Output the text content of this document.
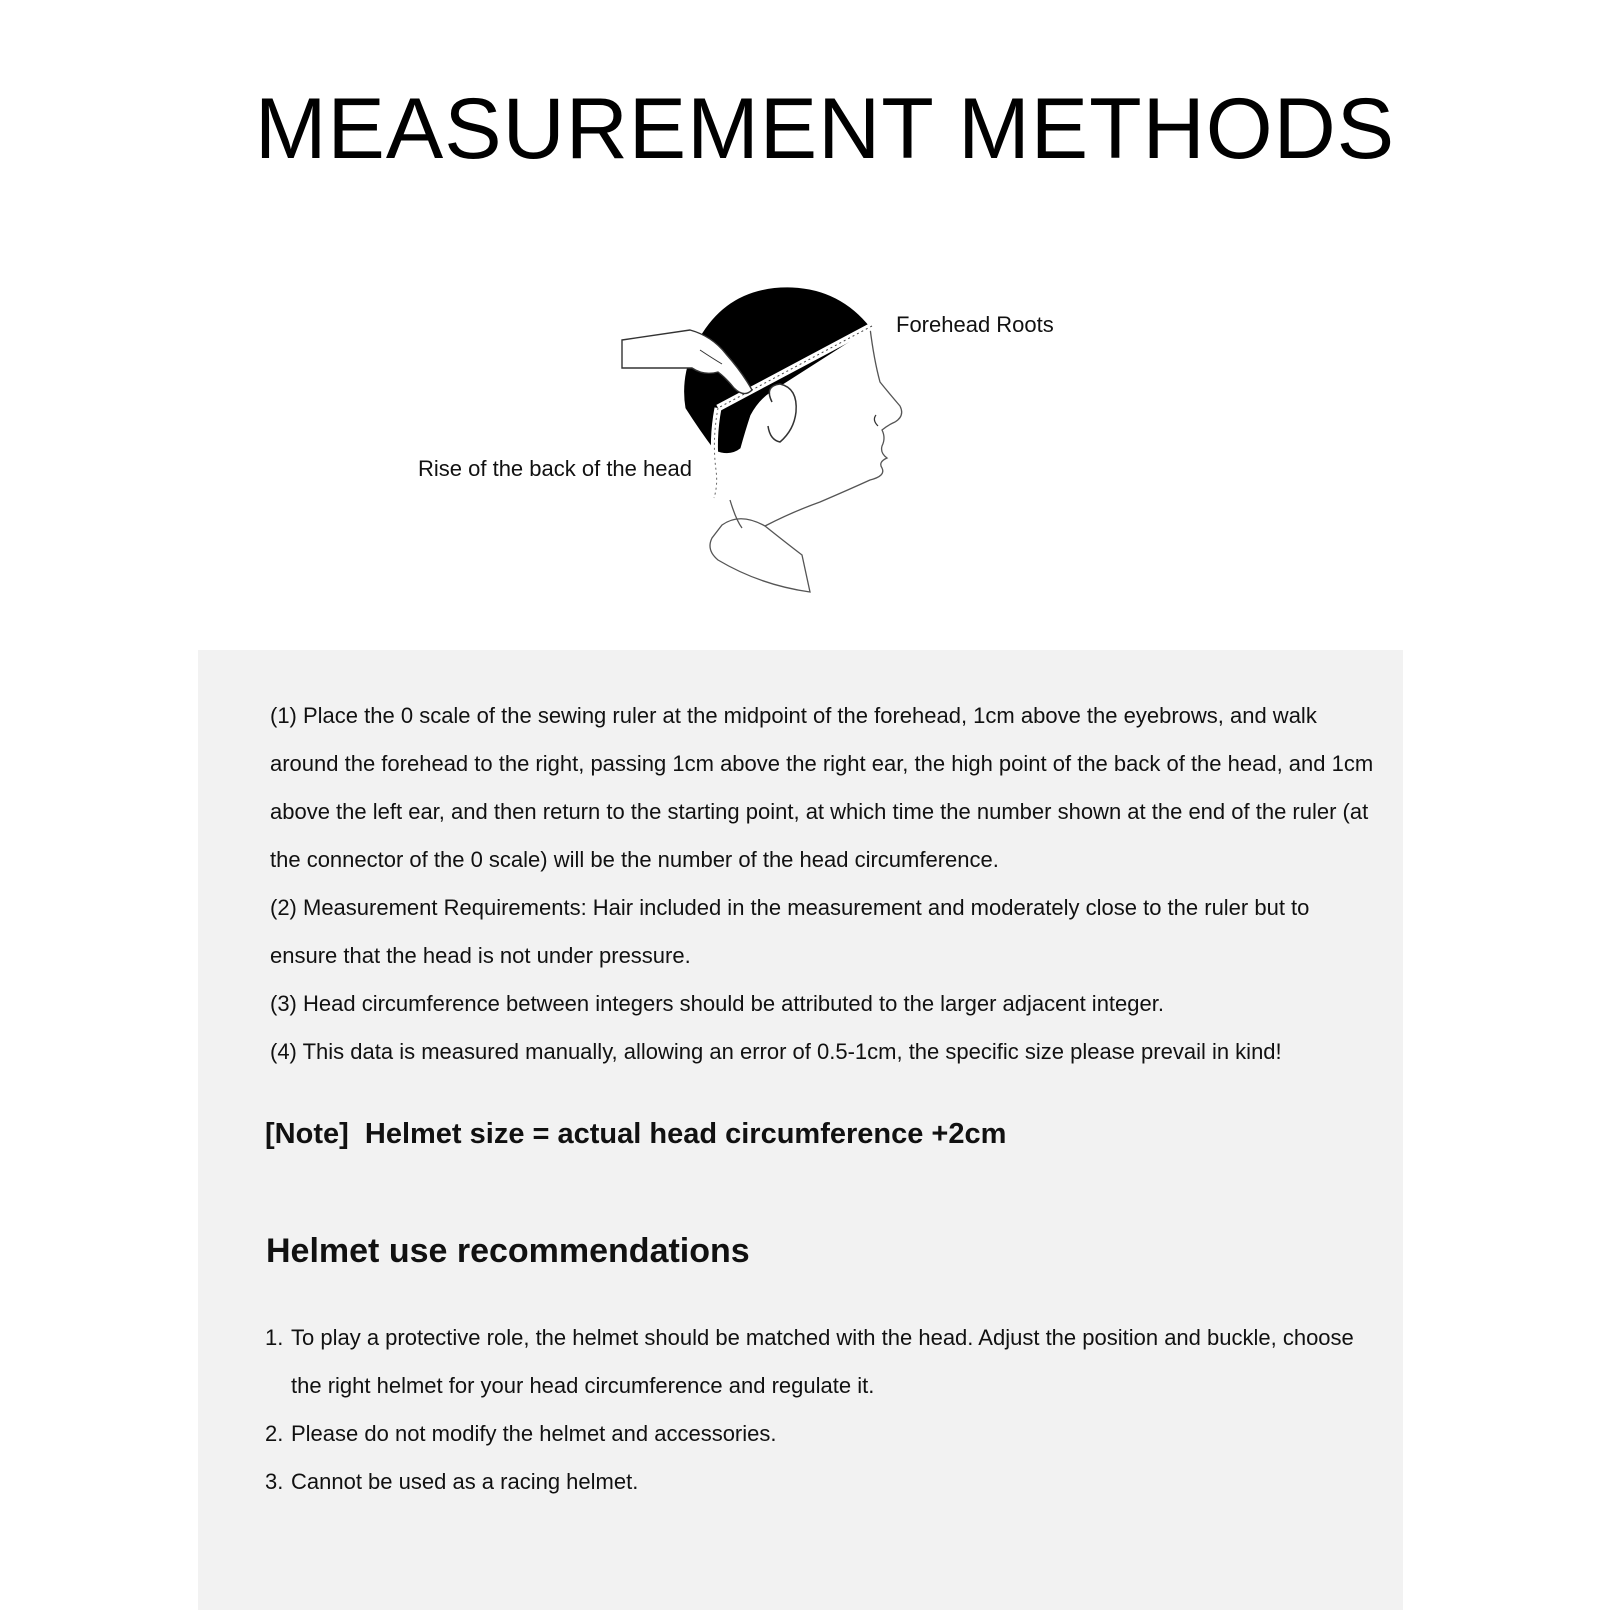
MEASUREMENT METHODS
Forehead Roots
Rise of the back of the head

(1) Place the 0 scale of the sewing ruler at the midpoint of the forehead, 1cm above the eyebrows, and walk around the forehead to the right, passing 1cm above the right ear, the high point of the back of the head, and 1cm above the left ear, and then return to the starting point, at which time the number shown at the end of the ruler (at the connector of the 0 scale) will be the number of the head circumference.

(2) Measurement Requirements: Hair included in the measurement and moderately close to the ruler but to ensure that the head is not under pressure.

(3) Head circumference between integers should be attributed to the larger adjacent integer.

(4) This data is measured manually, allowing an error of 0.5-1cm, the specific size please prevail in kind!

[Note]  Helmet size = actual head circumference +2cm
Helmet use recommendations
1. To play a protective role, the helmet should be matched with the head. Adjust the position and buckle, choose the right helmet for your head circumference and regulate it.
2. Please do not modify the helmet and accessories.
3. Cannot be used as a racing helmet.
